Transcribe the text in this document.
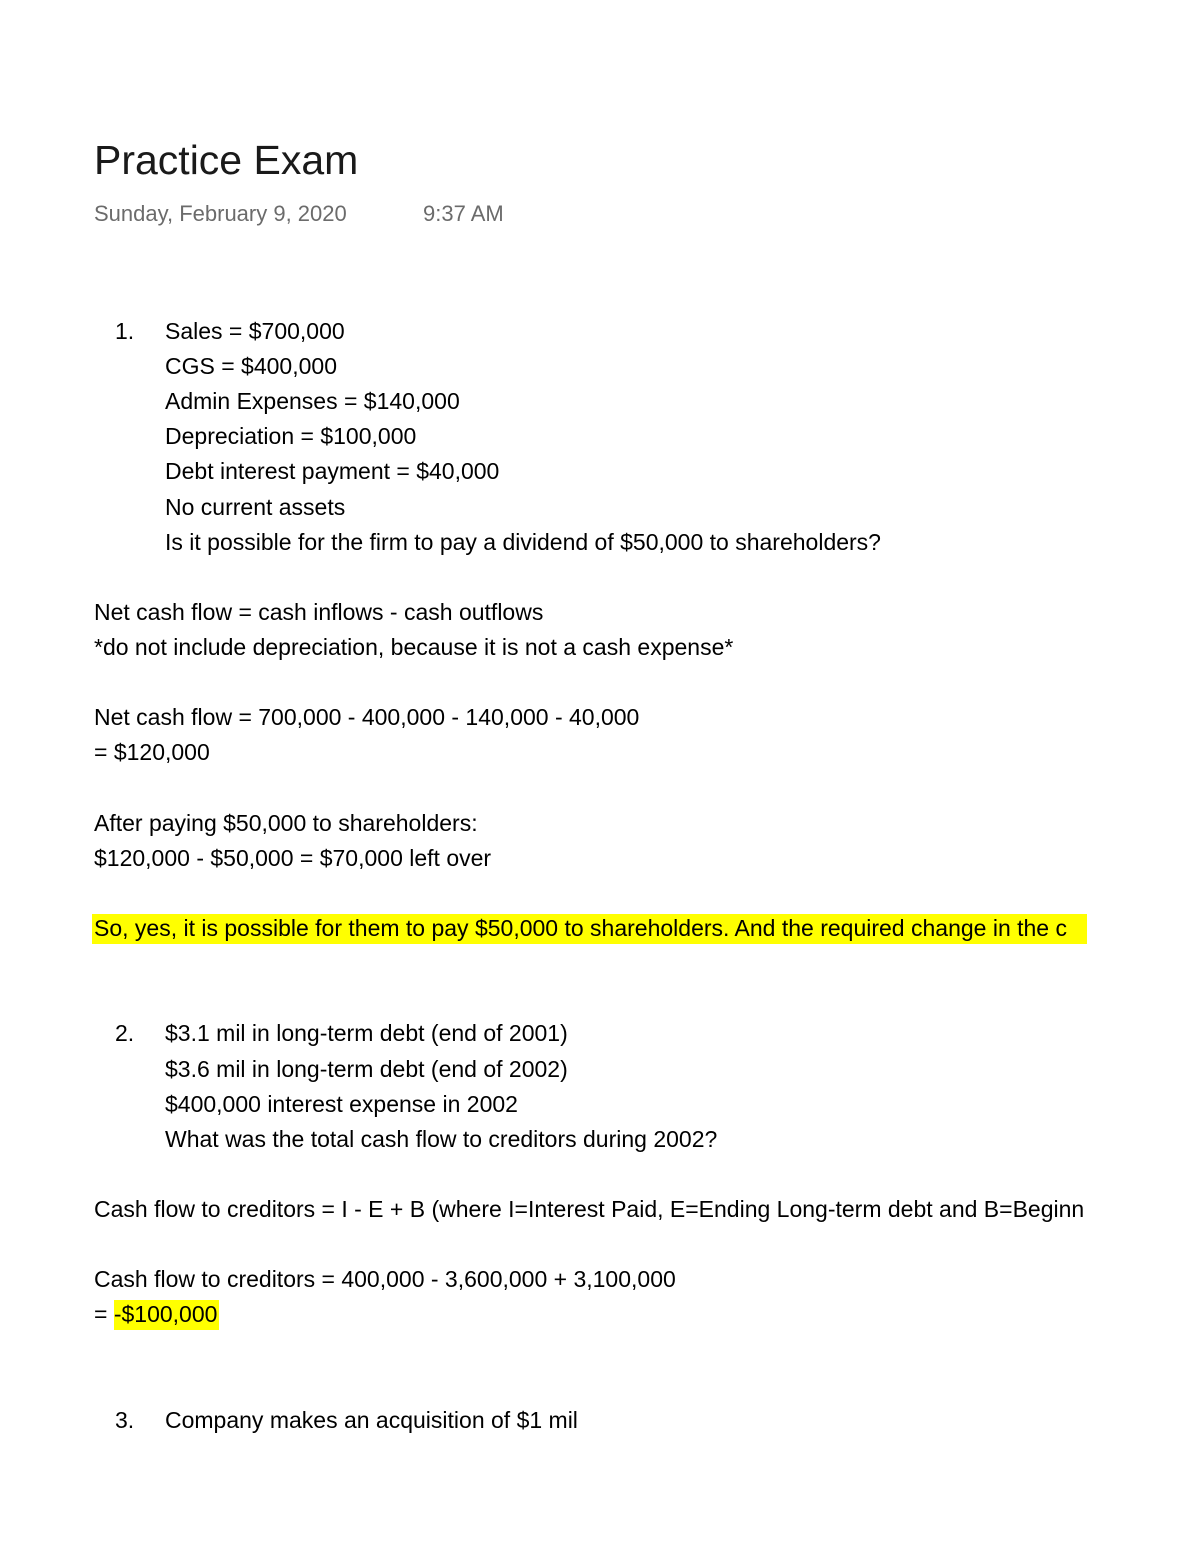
Practice Exam
Sunday, February 9, 2020	9:37 AM
1. Sales = $700,000
CGS = $400,000
Admin Expenses = $140,000
Depreciation = $100,000
Debt interest payment = $40,000
No current assets
Is it possible for the firm to pay a dividend of $50,000 to shareholders?
Net cash flow = cash inflows - cash outflows
*do not include depreciation, because it is not a cash expense*
Net cash flow = 700,000 - 400,000 - 140,000 - 40,000
= $120,000
After paying $50,000 to shareholders:
$120,000 - $50,000 = $70,000 left over
So, yes, it is possible for them to pay $50,000 to shareholders. And the required change in the c
2. $3.1 mil in long-term debt (end of 2001)
$3.6 mil in long-term debt (end of 2002)
$400,000 interest expense in 2002
What was the total cash flow to creditors during 2002?
Cash flow to creditors = I - E + B (where I=Interest Paid, E=Ending Long-term debt and B=Beginn
Cash flow to creditors = 400,000 - 3,600,000 + 3,100,000
= -$100,000
3. Company makes an acquisition of $1 mil
